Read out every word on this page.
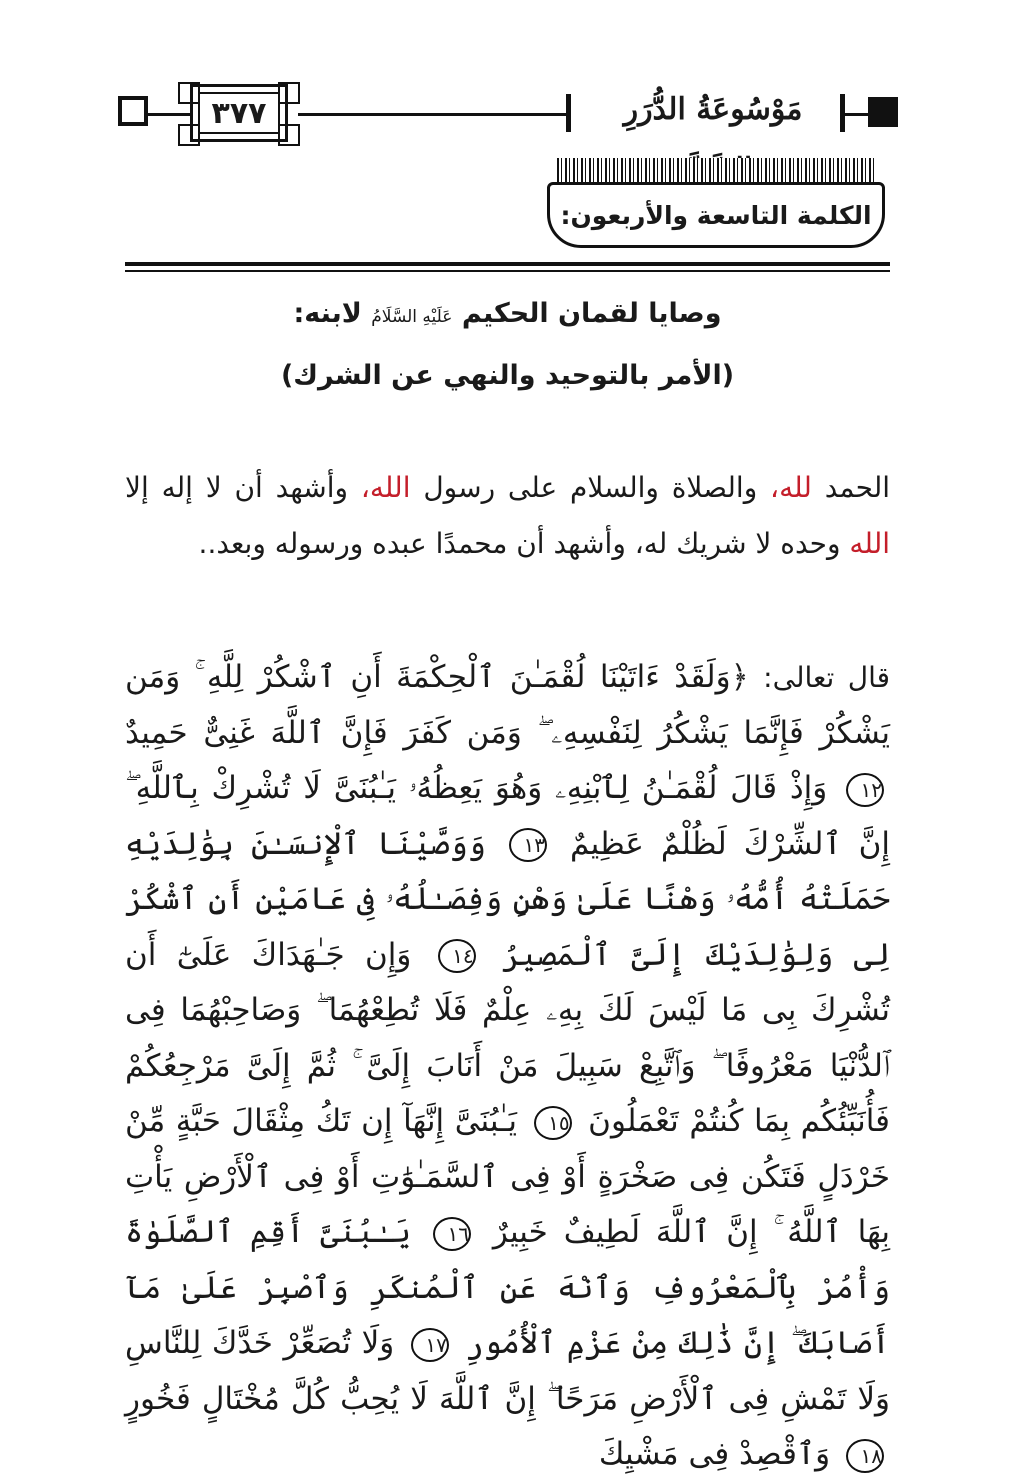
٣٧٧	مَوْسُوعَةُ الدُّرَرِ
الكلمة التاسعة والأربعون:
وصايا لقمان الحكيم عَلَيْهِ السَّلَامُ لابنه:
(الأمر بالتوحيد والنهي عن الشرك)
الحمد لله، والصلاة والسلام على رسول الله، وأشهد أن لا إله إلا الله وحده لا شريك له، وأشهد أن محمدًا عبده ورسوله وبعد..
قال تعالى: ﴿وَلَقَدْ ءَاتَيْنَا لُقْمَـٰنَ ٱلْحِكْمَةَ أَنِ ٱشْكُرْ لِلَّهِ ۚ وَمَن يَشْكُرْ فَإِنَّمَا يَشْكُرُ لِنَفْسِهِۦ ۖ وَمَن كَفَرَ فَإِنَّ ٱللَّهَ غَنِىٌّ حَمِيدٌ ١٢ وَإِذْ قَالَ لُقْمَـٰنُ لِٱبْنِهِۦ وَهُوَ يَعِظُهُۥ يَـٰبُنَىَّ لَا تُشْرِكْ بِٱللَّهِ ۖ إِنَّ ٱلشِّرْكَ لَظُلْمٌ عَظِيمٌ ١٣ وَوَصَّيْنَا ٱلْإِنسَـٰنَ بِوَٰلِدَيْهِ حَمَلَتْهُ أُمُّهُۥ وَهْنًا عَلَىٰ وَهْنٍ وَفِصَـٰلُهُۥ فِى عَامَيْنِ أَنِ ٱشْكُرْ لِى وَلِوَٰلِدَيْكَ إِلَىَّ ٱلْمَصِيرُ ١٤ وَإِن جَـٰهَدَاكَ عَلَىٰٓ أَن تُشْرِكَ بِى مَا لَيْسَ لَكَ بِهِۦ عِلْمٌ فَلَا تُطِعْهُمَا ۖ وَصَاحِبْهُمَا فِى ٱلدُّنْيَا مَعْرُوفًا ۖ وَٱتَّبِعْ سَبِيلَ مَنْ أَنَابَ إِلَىَّ ۚ ثُمَّ إِلَىَّ مَرْجِعُكُمْ فَأُنَبِّئُكُم بِمَا كُنتُمْ تَعْمَلُونَ ١٥ يَـٰبُنَىَّ إِنَّهَآ إِن تَكُ مِثْقَالَ حَبَّةٍ مِّنْ خَرْدَلٍ فَتَكُن فِى صَخْرَةٍ أَوْ فِى ٱلسَّمَـٰوَٰتِ أَوْ فِى ٱلْأَرْضِ يَأْتِ بِهَا ٱللَّهُ ۚ إِنَّ ٱللَّهَ لَطِيفٌ خَبِيرٌ ١٦ يَـٰبُنَىَّ أَقِمِ ٱلصَّلَوٰةَ وَأْمُرْ بِٱلْمَعْرُوفِ وَٱنْهَ عَنِ ٱلْمُنكَرِ وَٱصْبِرْ عَلَىٰ مَآ أَصَابَكَ ۖ إِنَّ ذَٰلِكَ مِنْ عَزْمِ ٱلْأُمُورِ ١٧ وَلَا تُصَعِّرْ خَدَّكَ لِلنَّاسِ وَلَا تَمْشِ فِى ٱلْأَرْضِ مَرَحًا ۖ إِنَّ ٱللَّهَ لَا يُحِبُّ كُلَّ مُخْتَالٍ فَخُورٍ ١٨ وَٱقْصِدْ فِى مَشْيِكَ
